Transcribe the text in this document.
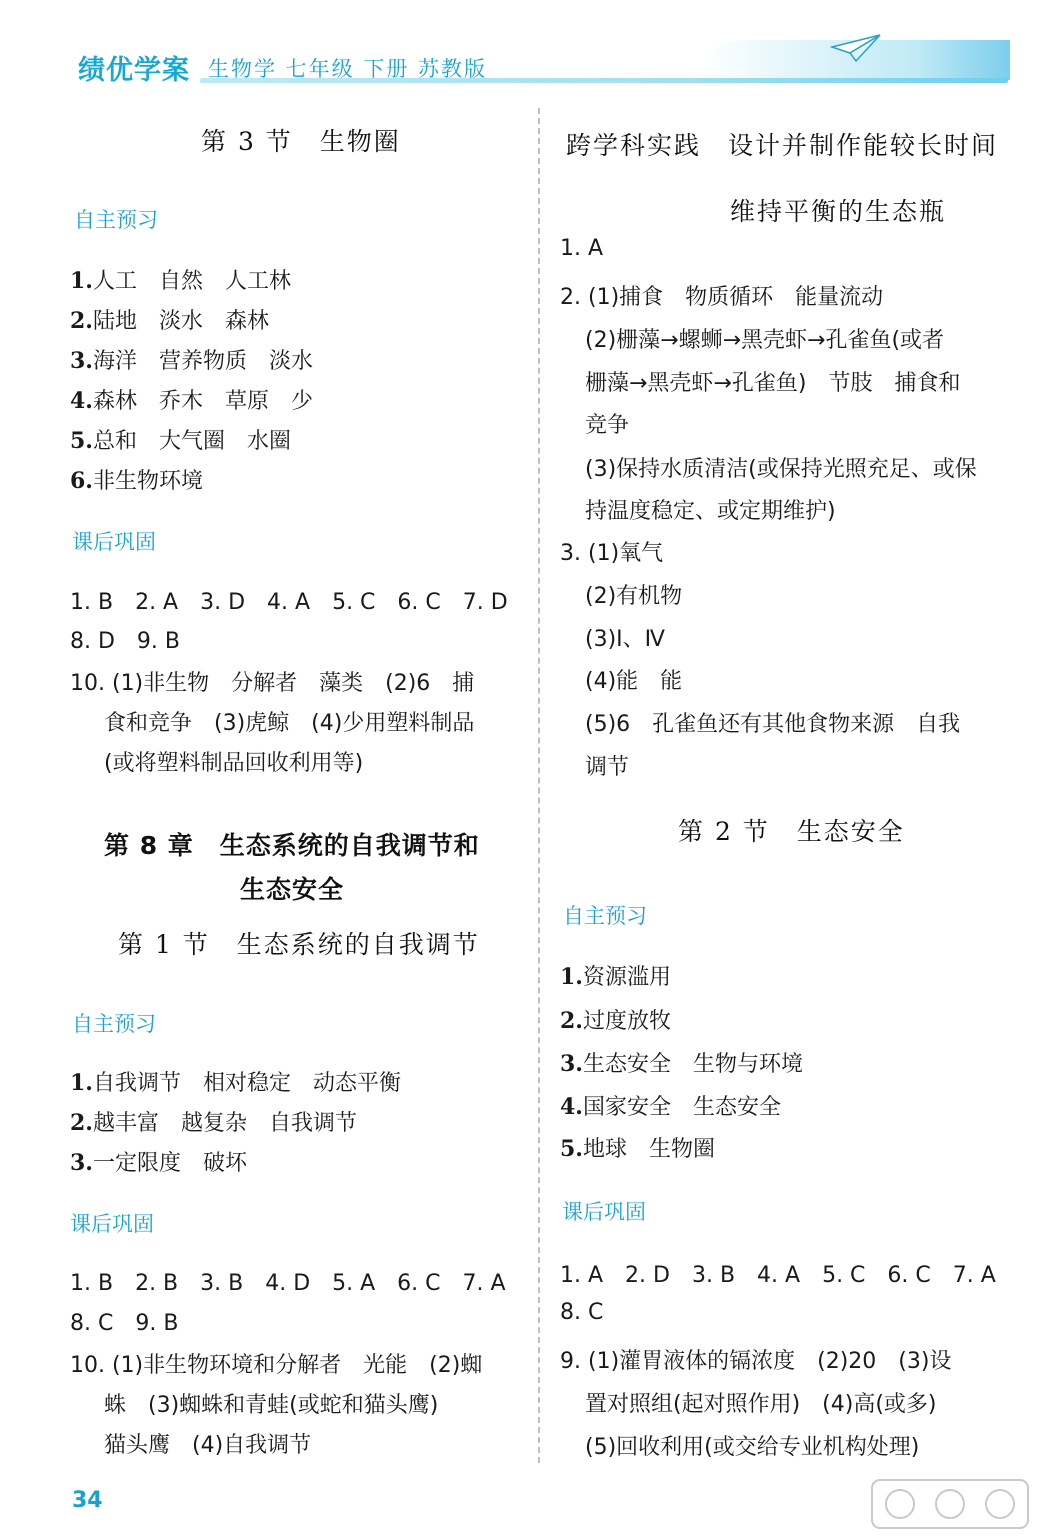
绩优学案 生物学 七年级 下册 苏教版
第 3 节　生物圈
自主预习
1.人工　自然　人工林
2.陆地　淡水　森林
3.海洋　营养物质　淡水
4.森林　乔木　草原　少
5.总和　大气圈　水圈
6.非生物环境
课后巩固
1. B　2. A　3. D　4. A　5. C　6. C　7. D
8. D　9. B
10. (1)非生物　分解者　藻类　(2)6　捕
食和竞争　(3)虎鲸　(4)少用塑料制品
(或将塑料制品回收利用等)
第 8 章　生态系统的自我调节和
生态安全
第 1 节　生态系统的自我调节
自主预习
1.自我调节　相对稳定　动态平衡
2.越丰富　越复杂　自我调节
3.一定限度　破坏
课后巩固
1. B　2. B　3. B　4. D　5. A　6. C　7. A
8. C　9. B
10. (1)非生物环境和分解者　光能　(2)蜘
蛛　(3)蜘蛛和青蛙(或蛇和猫头鹰)
猫头鹰　(4)自我调节
跨学科实践　设计并制作能较长时间
维持平衡的生态瓶
1. A
2. (1)捕食　物质循环　能量流动
(2)栅藻→螺蛳→黑壳虾→孔雀鱼(或者
栅藻→黑壳虾→孔雀鱼)　节肢　捕食和
竞争
(3)保持水质清洁(或保持光照充足、或保
持温度稳定、或定期维护)
3. (1)氧气
(2)有机物
(3)Ⅰ、Ⅳ
(4)能　能
(5)6　孔雀鱼还有其他食物来源　自我
调节
第 2 节　生态安全
自主预习
1.资源滥用
2.过度放牧
3.生态安全　生物与环境
4.国家安全　生态安全
5.地球　生物圈
课后巩固
1. A　2. D　3. B　4. A　5. C　6. C　7. A
8. C
9. (1)灌胃液体的镉浓度　(2)20　(3)设
置对照组(起对照作用)　(4)高(或多)
(5)回收利用(或交给专业机构处理)
34
